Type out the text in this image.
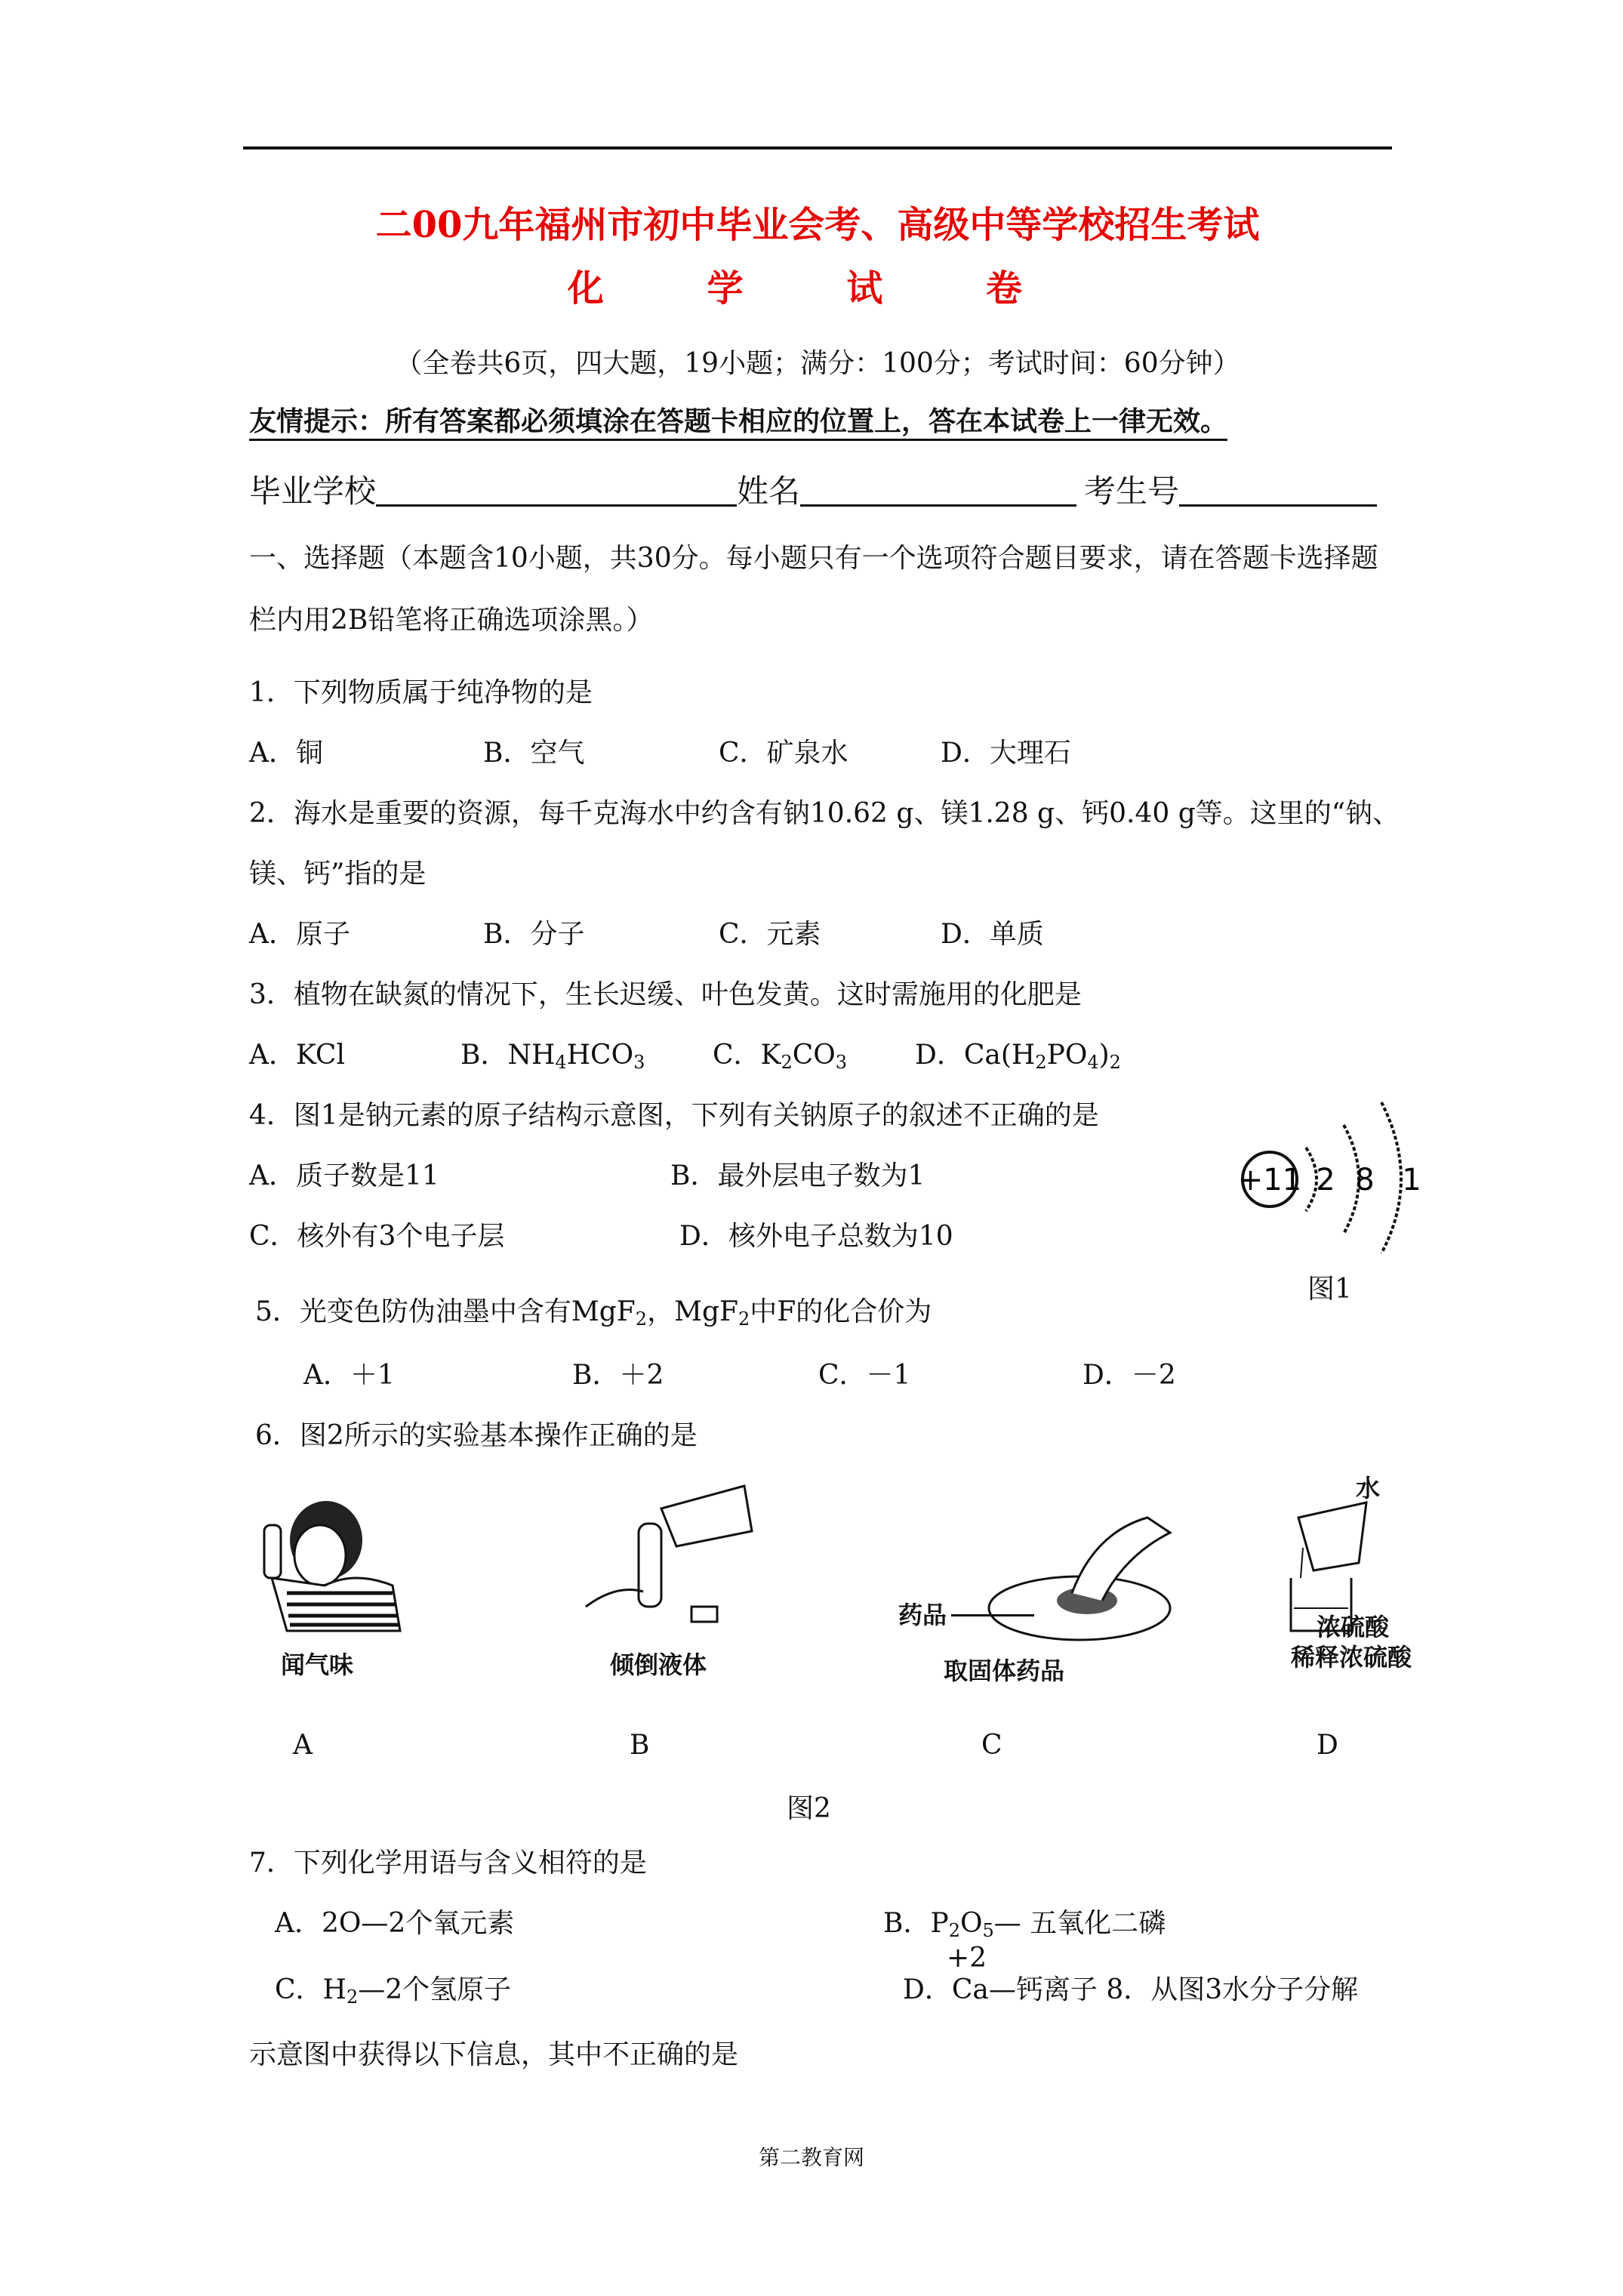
二00九年福州市初中毕业会考、高级中等学校招生考试
化 学 试 卷
（全卷共6页，四大题，19小题；满分：100分；考试时间：60分钟）
友情提示：所有答案都必须填涂在答题卡相应的位置上，答在本试卷上一律无效。
毕业学校	姓名	考生号
一、选择题（本题含10小题，共30分。每小题只有一个选项符合题目要求，请在答题卡选择题
栏内用2B铅笔将正确选项涂黑。）
1．下列物质属于纯净物的是
A．铜	B．空气	C．矿泉水	D．大理石
2．海水是重要的资源，每千克海水中约含有钠10.62 g、镁1.28 g、钙0.40 g等。这里的“钠、
镁、钙”指的是
A．原子	B．分子	C．元素	D．单质
3．植物在缺氮的情况下，生长迟缓、叶色发黄。这时需施用的化肥是
A．KCl	B．$NH_4HCO_3$ C．$K_2CO_3$ D．$Ca(H_2PO_4)_2$
4．图1是钠元素的原子结构示意图，下列有关钠原子的叙述不正确的是
A．质子数是11	B．最外层电子数为1
C．核外有3个电子层	D．核外电子总数为10
+11 2 8 1
图1
5．光变色防伪油墨中含有MgF$_2$，MgF$_2$中F的化合价为
A．＋1	B．＋2	C．－1	D．－2
6．图2所示的实验基本操作正确的是
闻气味	倾倒液体
药品
取固体药品
水
浓硫酸
稀释浓硫酸
A	B	C	D
图2
7．下列化学用语与含义相符的是
A．2O—2个氧元素	B．$P_2O_5—$ 五氧化二磷
C．$H_2—2$个氢原子
+2
D．Ca—钙离子 8．从图3水分子分解
示意图中获得以下信息，其中不正确的是
第二教育网
